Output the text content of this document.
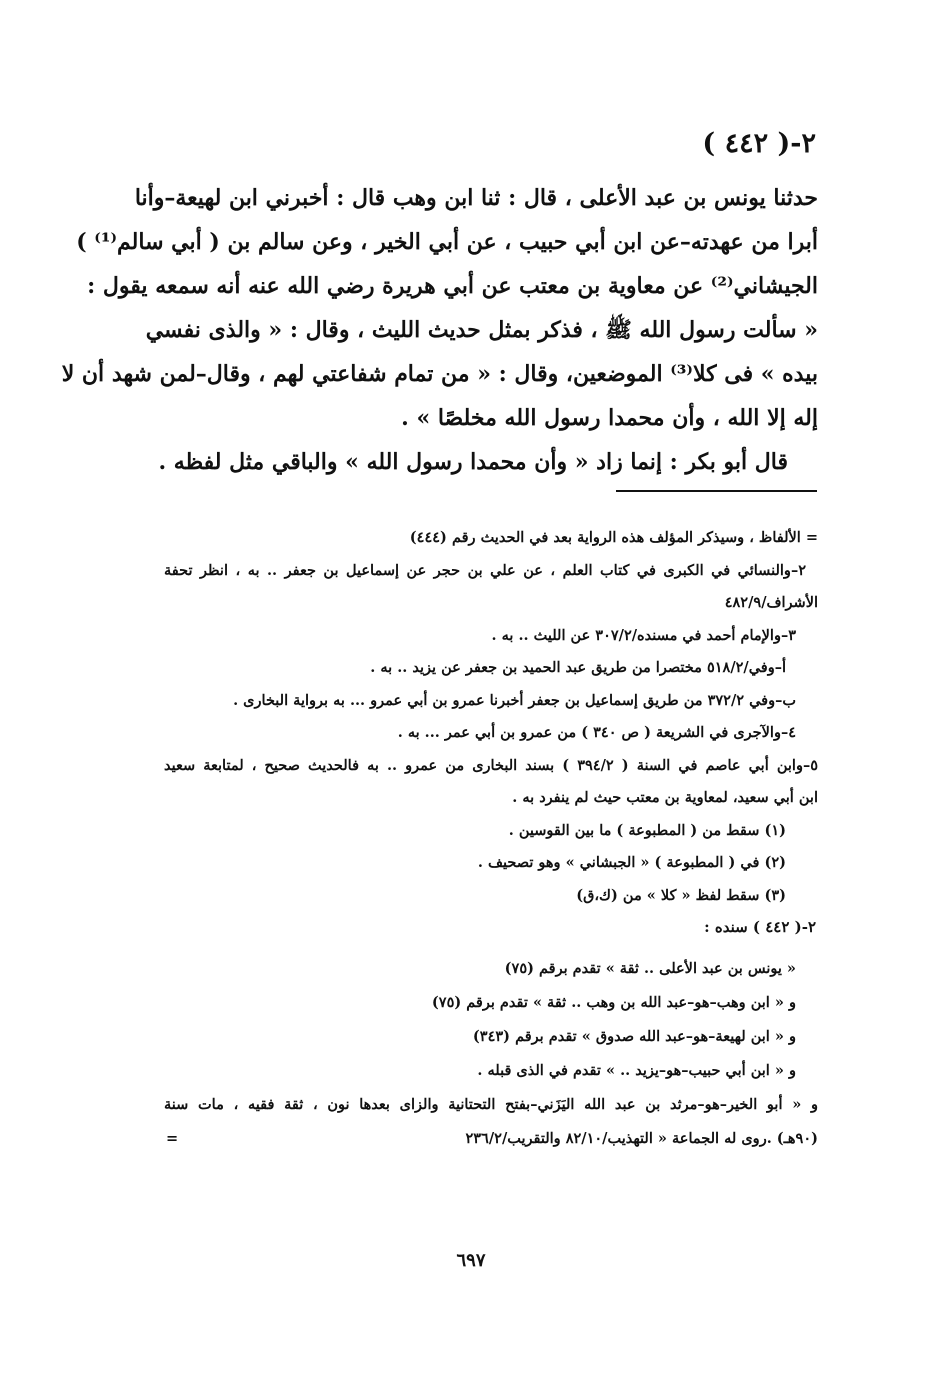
٢-( ٤٤٢ )
حدثنا يونس بن عبد الأعلى ، قال : ثنا ابن وهب قال : أخبرني ابن لهيعة–وأنا
أبرا من عهدته–عن ابن أبي حبيب ، عن أبي الخير ، وعن سالم بن ( أبي سالم⁽¹⁾ )
الجيشاني⁽²⁾ عن معاوية بن معتب عن أبي هريرة رضي الله عنه أنه سمعه يقول :
« سألت رسول الله ﷺ ، فذكر بمثل حديث الليث ، وقال : « والذى نفسي
بيده » فى كلا⁽³⁾ الموضعين، وقال : « من تمام شفاعتي لهم ، وقال–لمن شهد أن لا
إله إلا الله ، وأن محمدا رسول الله مخلصًا » .
قال أبو بكر : إنما زاد « وأن محمدا رسول الله » والباقي مثل لفظه .
= الألفاظ ، وسيذكر المؤلف هذه الرواية بعد في الحديث رقم (٤٤٤)
٢–والنسائي في الكبرى في كتاب العلم ، عن علي بن حجر عن إسماعيل بن جعفر .. به ، انظر تحفة
الأشراف/٤٨٢/٩
٣–والإمام أحمد في مسنده/٣٠٧/٢ عن الليث .. به .
أ–وفي/٥١٨/٢ مختصرا من طريق عبد الحميد بن جعفر عن يزيد .. به .
ب–وفي ٣٧٢/٢ من طريق إسماعيل بن جعفر أخبرنا عمرو بن أبي عمرو ... به برواية البخارى .
٤–والآجرى في الشريعة ( ص ٣٤٠ ) من عمرو بن أبي عمر ... به .
٥–وابن أبي عاصم في السنة ( ٣٩٤/٢ ) بسند البخارى من عمرو .. به فالحديث صحيح ، لمتابعة سعيد
ابن أبي سعيد، لمعاوية بن معتب حيث لم ينفرد به .
(١) سقط من ( المطبوعة ) ما بين القوسين .
(٢) في ( المطبوعة ) « الجبشاني » وهو تصحيف .
(٣) سقط لفظ « كلا » من (ك،ق)
٢-( ٤٤٢ ) سنده :
« يونس بن عبد الأعلى .. ثقة » تقدم برقم (٧٥)
و « ابن وهب–هو–عبد الله بن وهب .. ثقة » تقدم برقم (٧٥)
و « ابن لهيعة–هو–عبد الله صدوق » تقدم برقم (٣٤٣)
و « ابن أبي حبيب–هو–يزيد .. » تقدم في الذى قبله .
و « أبو الخير–هو–مرثد بن عبد الله اليَزَني–بفتح التحتانية والزاى بعدها نون ، ثقة فقيه ، مات سنة
(٩٠هـ) .روى له الجماعة « التهذيب/٨٢/١٠ والتقريب/٢٣٦/٢
=
٦٩٧
